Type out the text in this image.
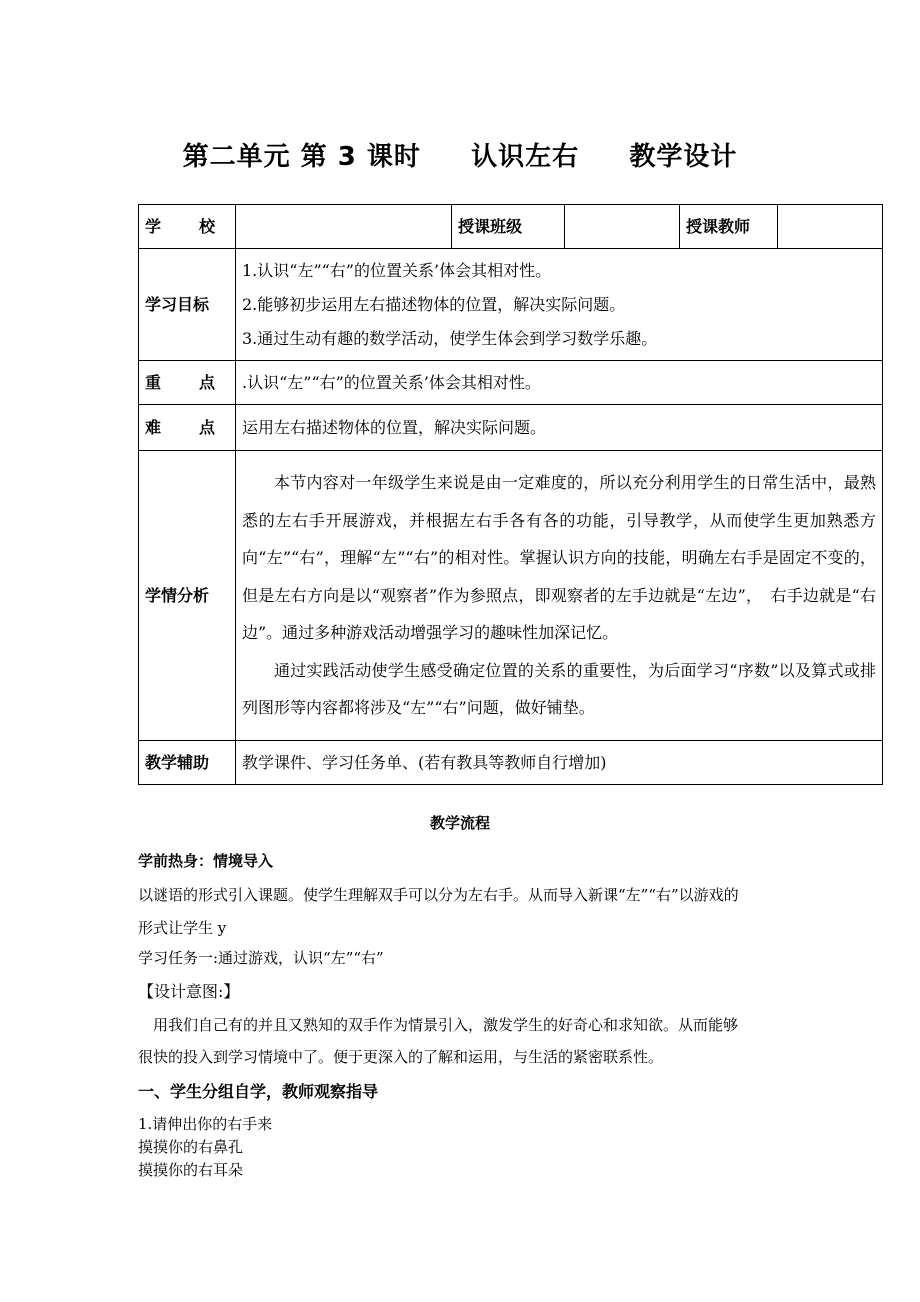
第二单元 第 3 课时     认识左右     教学设计
学 校		授课班级		授课教师	
学习目标	1.认识“左”“右”的位置关系’体会其相对性。
2.能够初步运用左右描述物体的位置，解决实际问题。
3.通过生动有趣的数学活动，使学生体会到学习数学乐趣。				

重 点	.认识“左”“右”的位置关系’体会其相对性。				

难 点	运用左右描述物体的位置，解决实际问题。				
学情分析	本节内容对一年级学生来说是由一定难度的，所以充分利用学生的日常生活中，最熟悉的左右手开展游戏，并根据左右手各有各的功能，引导教学，从而使学生更加熟悉方向“左”“右”，理解“左”“右”的相对性。掌握认识方向的技能，明确左右手是固定不变的，但是左右方向是以“观察者”作为参照点，即观察者的左手边就是“左边”，　右手边就是“右边”。通过多种游戏活动增强学习的趣味性加深记忆。

通过实践活动使学生感受确定位置的关系的重要性，为后面学习“序数”以及算式或排列图形等内容都将涉及“左”“右”问题，做好铺垫。				

教学辅助	教学课件、学习任务单、(若有教具等教师自行增加)				
教学流程
学前热身：情境导入
以谜语的形式引入课题。使学生理解双手可以分为左右手。从而导入新课“左”“右”以游戏的
形式让学生 y
学习任务一:通过游戏，认识“左”“右”
【设计意图:】
　用我们自己有的并且又熟知的双手作为情景引入，激发学生的好奇心和求知欲。从而能够
很快的投入到学习情境中了。便于更深入的了解和运用，与生活的紧密联系性。
一、学生分组自学，教师观察指导
1.请伸出你的右手来
摸摸你的右鼻孔
摸摸你的右耳朵
